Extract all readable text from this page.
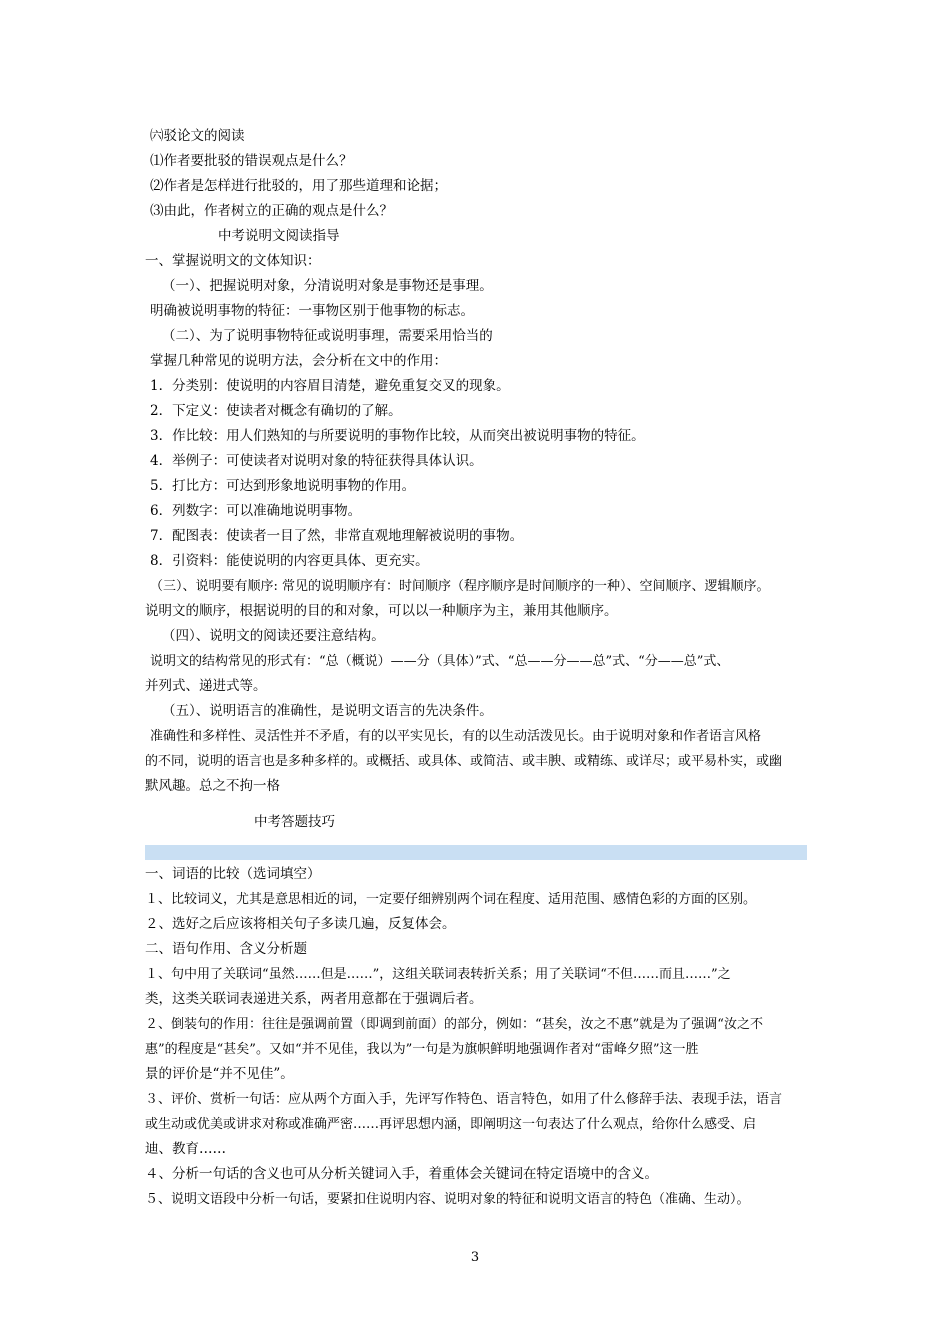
㈥驳论文的阅读
⑴作者要批驳的错误观点是什么？
⑵作者是怎样进行批驳的，用了那些道理和论据；
⑶由此，作者树立的正确的观点是什么？
中考说明文阅读指导
一、掌握说明文的文体知识：
（一）、把握说明对象，分清说明对象是事物还是事理。
明确被说明事物的特征：一事物区别于他事物的标志。
（二）、为了说明事物特征或说明事理，需要采用恰当的
掌握几种常见的说明方法，会分析在文中的作用：
1．分类别：使说明的内容眉目清楚，避免重复交叉的现象。
2．下定义：使读者对概念有确切的了解。
3．作比较：用人们熟知的与所要说明的事物作比较，从而突出被说明事物的特征。
4．举例子：可使读者对说明对象的特征获得具体认识。
5．打比方：可达到形象地说明事物的作用。
6．列数字：可以准确地说明事物。
7．配图表：使读者一目了然，非常直观地理解被说明的事物。
8．引资料：能使说明的内容更具体、更充实。
（三）、说明要有顺序: 常见的说明顺序有：时间顺序（程序顺序是时间顺序的一种）、空间顺序、逻辑顺序。
说明文的顺序，根据说明的目的和对象，可以以一种顺序为主，兼用其他顺序。
（四）、说明文的阅读还要注意结构。
说明文的结构常见的形式有：“总（概说）——分（具体）”式、“总——分——总”式、“分——总”式、
并列式、递进式等。
（五）、说明语言的准确性，是说明文语言的先决条件。
准确性和多样性、灵活性并不矛盾，有的以平实见长，有的以生动活泼见长。由于说明对象和作者语言风格
的不同，说明的语言也是多种多样的。或概括、或具体、或简洁、或丰腴、或精练、或详尽；或平易朴实，或幽
默风趣。总之不拘一格
中考答题技巧
一、词语的比较（选词填空）
１、比较词义，尤其是意思相近的词，一定要仔细辨别两个词在程度、适用范围、感情色彩的方面的区别。
２、选好之后应该将相关句子多读几遍，反复体会。
二、语句作用、含义分析题
１、句中用了关联词“虽然……但是……”，这组关联词表转折关系；用了关联词“不但……而且……”之
类，这类关联词表递进关系，两者用意都在于强调后者。
２、倒装句的作用：往往是强调前置（即调到前面）的部分，例如：“甚矣，汝之不惠”就是为了强调“汝之不
惠”的程度是“甚矣”。又如“并不见佳，我以为”一句是为旗帜鲜明地强调作者对“雷峰夕照”这一胜
景的评价是“并不见佳”。
３、评价、赏析一句话：应从两个方面入手，先评写作特色、语言特色，如用了什么修辞手法、表现手法，语言
或生动或优美或讲求对称或准确严密……再评思想内涵，即阐明这一句表达了什么观点，给你什么感受、启
迪、教育……
４、分析一句话的含义也可从分析关键词入手，着重体会关键词在特定语境中的含义。
５、说明文语段中分析一句话，要紧扣住说明内容、说明对象的特征和说明文语言的特色（准确、生动）。
3
